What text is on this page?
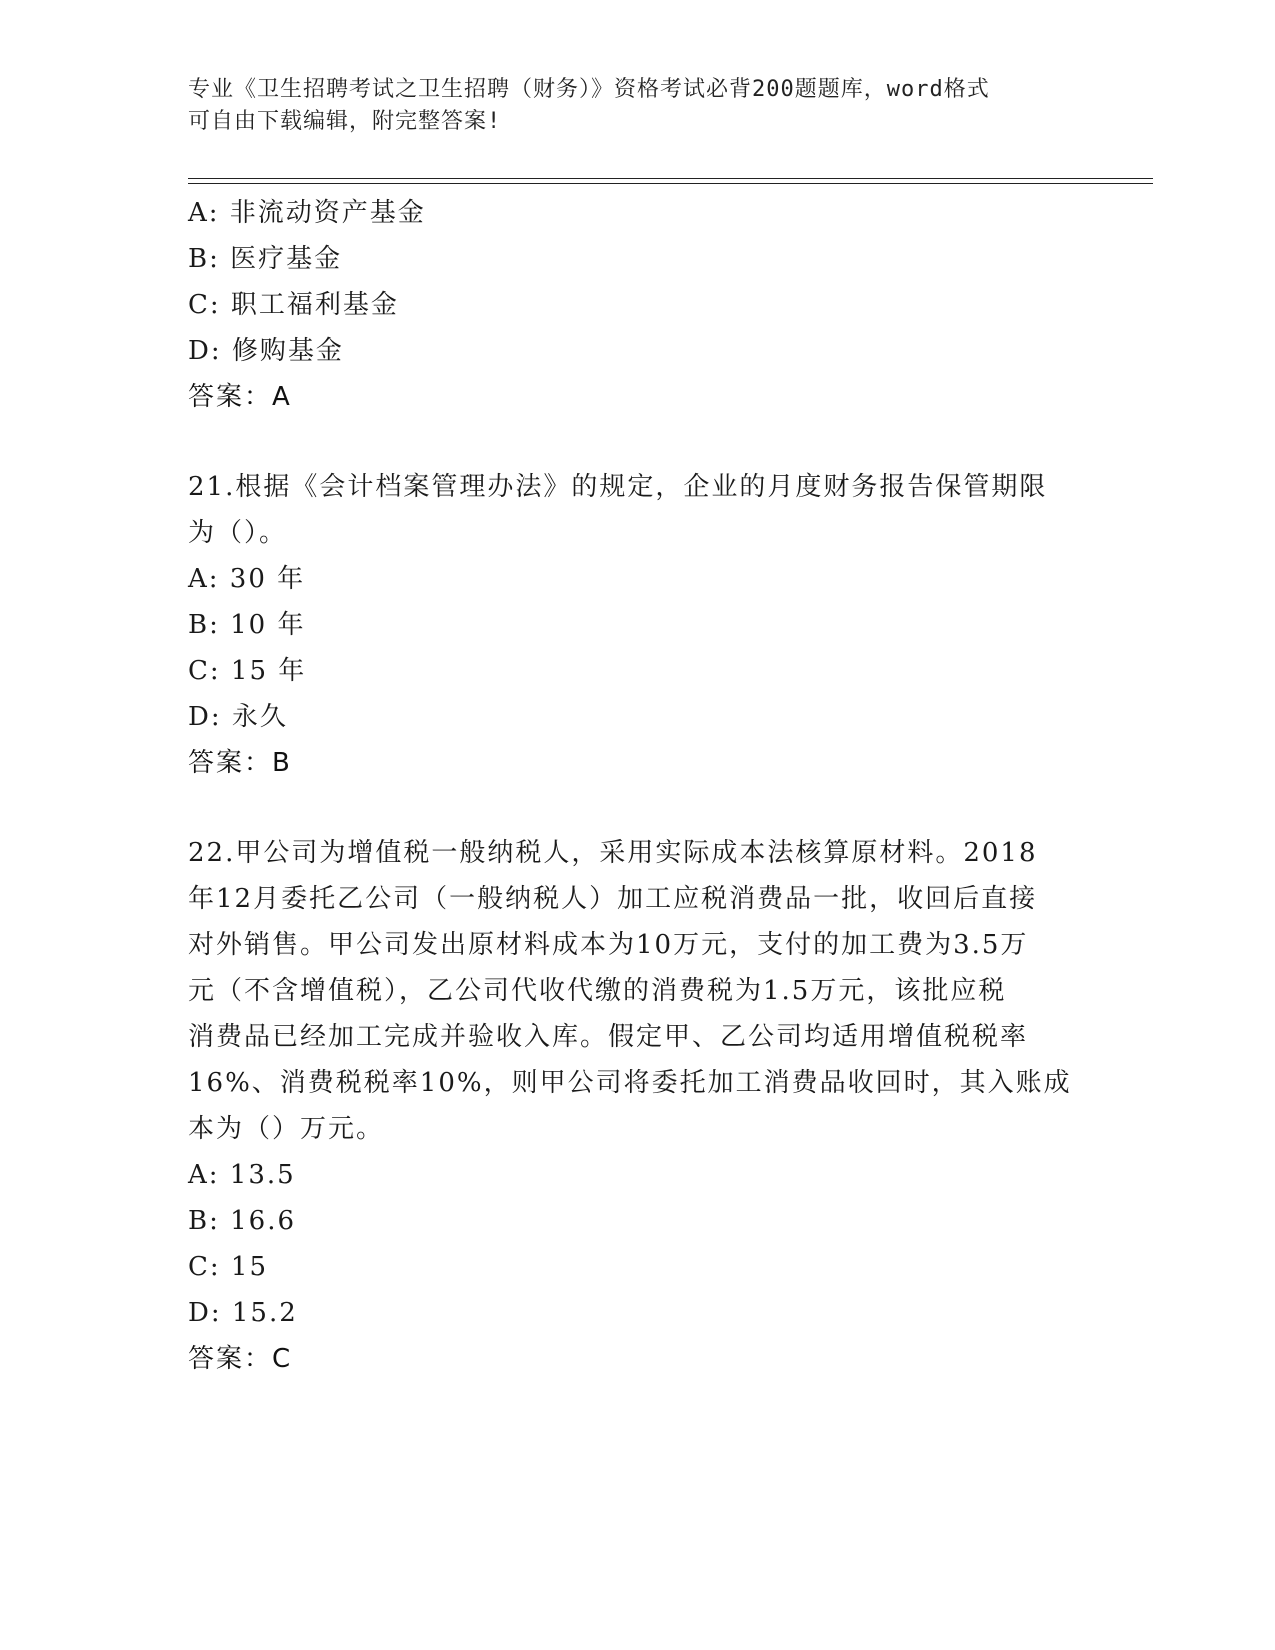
专业《卫生招聘考试之卫生招聘（财务）》资格考试必背200题题库，word格式
可自由下载编辑，附完整答案!
A: 非流动资产基金
B: 医疗基金
C: 职工福利基金
D: 修购基金
答案：A
21.根据《会计档案管理办法》的规定，企业的月度财务报告保管期限为（）。
A: 30 年
B: 10 年
C: 15 年
D: 永久
答案：B
22.甲公司为增值税一般纳税人，采用实际成本法核算原材料。2018
年12月委托乙公司（一般纳税人）加工应税消费品一批，收回后直接
对外销售。甲公司发出原材料成本为10万元，支付的加工费为3.5万
元（不含增值税），乙公司代收代缴的消费税为1.5万元，该批应税
消费品已经加工完成并验收入库。假定甲、乙公司均适用增值税税率
16%、消费税税率10%，则甲公司将委托加工消费品收回时，其入账成
本为（）万元。
A: 13.5
B: 16.6
C: 15
D: 15.2
答案：C
